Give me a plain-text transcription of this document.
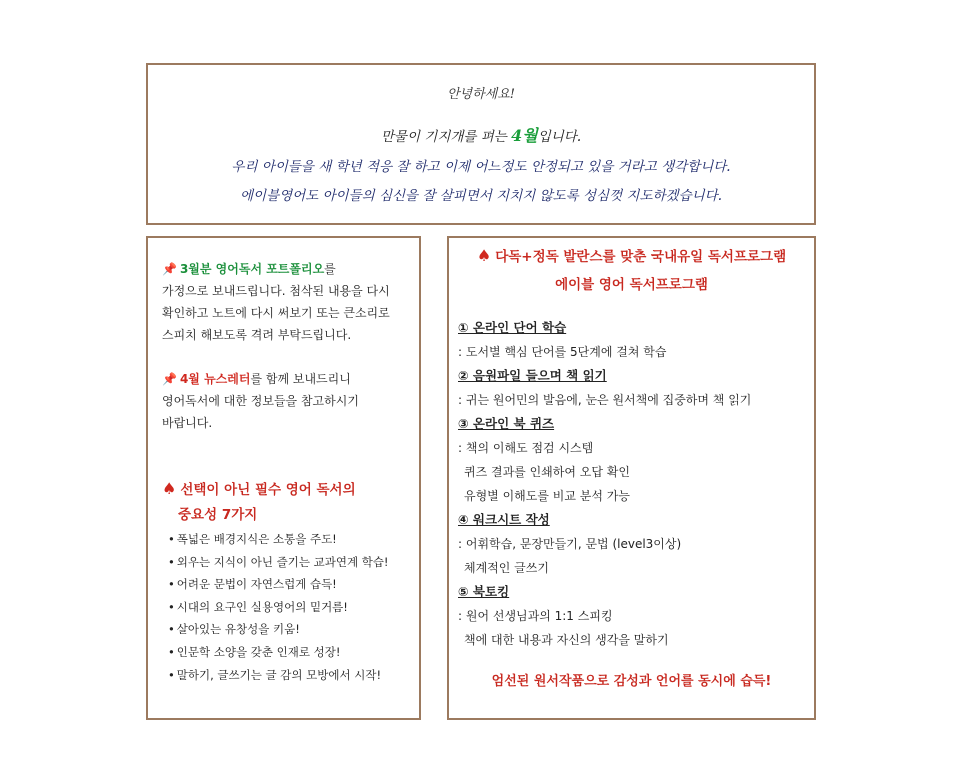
안녕하세요!
만물이 기지개를 펴는 4월입니다.
우리 아이들을 새 학년 적응 잘 하고 이제 어느정도 안정되고 있을 거라고 생각합니다.
에이블영어도 아이들의 심신을 잘 살피면서 지치지 않도록 성심껏 지도하겠습니다.
📌 3월분 영어독서 포트폴리오를
가정으로 보내드립니다. 첨삭된 내용을 다시
확인하고 노트에 다시 써보기 또는 큰소리로
스피치 해보도록 격려 부탁드립니다.
📌 4월 뉴스레터를 함께 보내드리니
영어독서에 대한 정보들을 참고하시기
바랍니다.
♠ 선택이 아닌 필수 영어 독서의
중요성 7가지
• 폭넓은 배경지식은 소통을 주도!
• 외우는 지식이 아닌 즐기는 교과연계 학습!
• 어려운 문법이 자연스럽게 습득!
• 시대의 요구인 실용영어의 밑거름!
• 살아있는 유창성을 키움!
• 인문학 소양을 갖춘 인재로 성장!
• 말하기, 글쓰기는 글 감의 모방에서 시작!
♠ 다독+정독 발란스를 맞춘 국내유일 독서프로그램
에이블 영어 독서프로그램
① 온라인 단어 학습
: 도서별 핵심 단어를 5단계에 걸쳐 학습
② 음원파일 들으며 책 읽기
: 귀는 원어민의 발음에, 눈은 원서책에 집중하며 책 읽기
③ 온라인 북 퀴즈
: 책의 이해도 점검 시스템
퀴즈 결과를 인쇄하여 오답 확인
유형별 이해도를 비교 분석 가능
④ 워크시트 작성
: 어휘학습, 문장만들기, 문법 (level3이상)
체계적인 글쓰기
⑤ 북토킹
: 원어 선생님과의 1:1 스피킹
책에 대한 내용과 자신의 생각을 말하기
엄선된 원서작품으로 감성과 언어를 동시에 습득!
